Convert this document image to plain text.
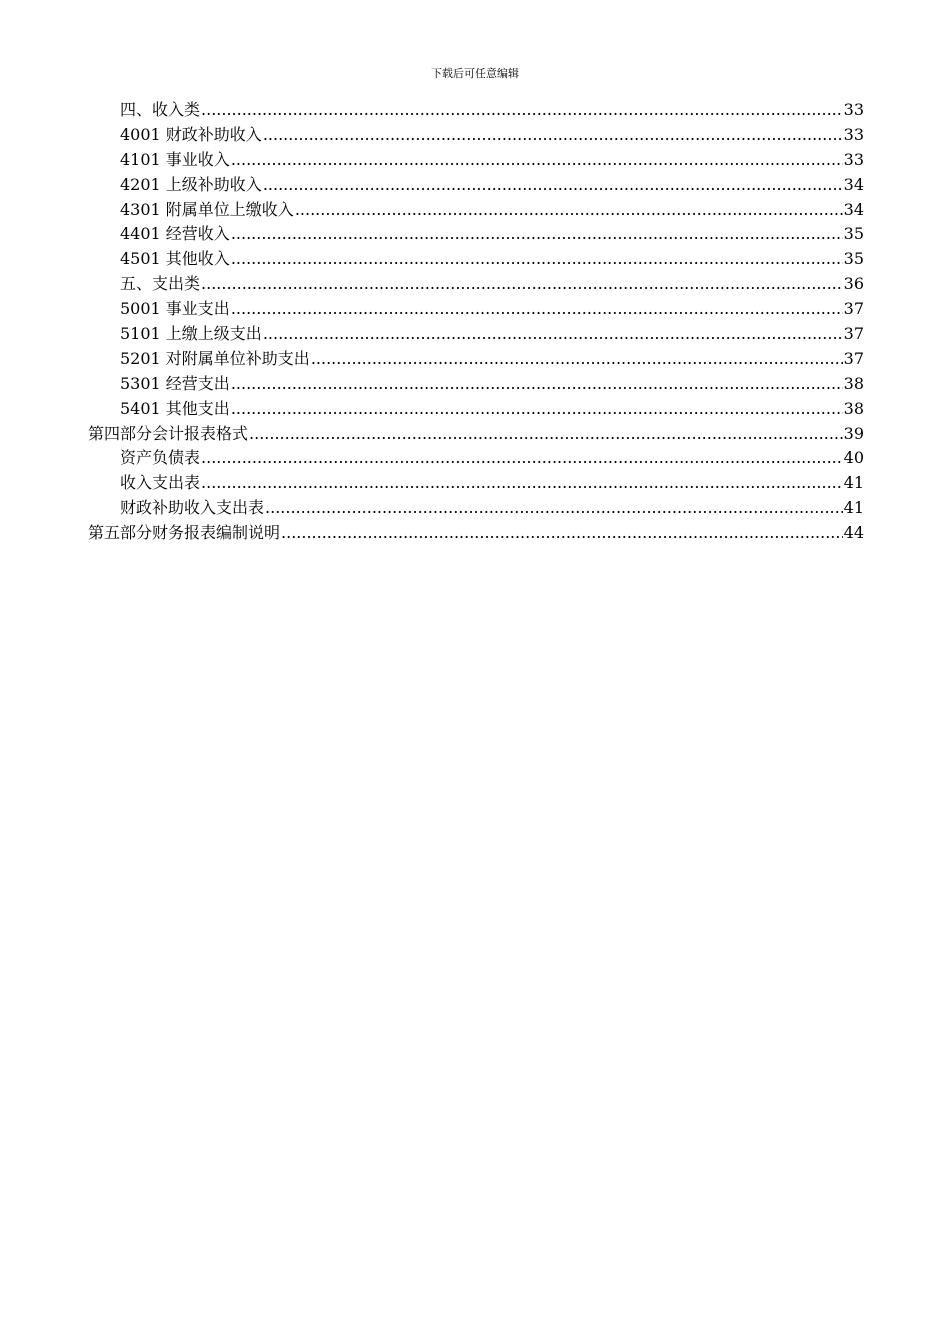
下载后可任意编辑
四、收入类 .....	33
4001 财政补助收入 .....	33
4101 事业收入 .....	33
4201 上级补助收入 .....	34
4301 附属单位上缴收入 .....	34
4401 经营收入 .....	35
4501 其他收入 .....	35
五、支出类 .....	36
5001 事业支出 .....	37
5101 上缴上级支出 .....	37
5201 对附属单位补助支出 .....	37
5301 经营支出 .....	38
5401 其他支出 .....	38
第四部分会计报表格式 .....	39
资产负债表 .....	40
收入支出表 .....	41
财政补助收入支出表 .....	41
第五部分财务报表编制说明 .....	44
